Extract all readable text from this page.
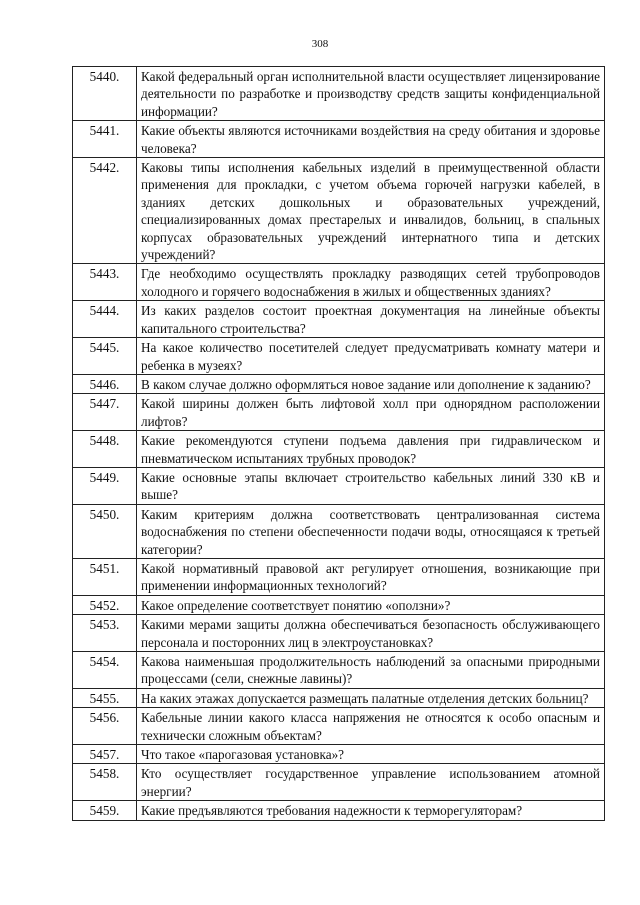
308
5440.	Какой федеральный орган исполнительной власти осуществляет лицензирование деятельности по разработке и производству средств защиты конфиденциальной информации?
5441.	Какие объекты являются источниками воздействия на среду обитания и здоровье человека?
5442.	Каковы типы исполнения кабельных изделий в преимущественной области применения для прокладки, с учетом объема горючей нагрузки кабелей, в зданиях детских дошкольных и образовательных учреждений, специализированных домах престарелых и инвалидов, больниц, в спальных корпусах образовательных учреждений интернатного типа и детских учреждений?
5443.	Где необходимо осуществлять прокладку разводящих сетей трубопроводов холодного и горячего водоснабжения в жилых и общественных зданиях?
5444.	Из каких разделов состоит проектная документация на линейные объекты капитального строительства?
5445.	На какое количество посетителей следует предусматривать комнату матери и ребенка в музеях?
5446.	В каком случае должно оформляться новое задание или дополнение к заданию?
5447.	Какой ширины должен быть лифтовой холл при однорядном расположении лифтов?
5448.	Какие рекомендуются ступени подъема давления при гидравлическом и пневматическом испытаниях трубных проводок?
5449.	Какие основные этапы включает строительство кабельных линий 330 кВ и выше?
5450.	Каким критериям должна соответствовать централизованная система водоснабжения по степени обеспеченности подачи воды, относящаяся к третьей категории?
5451.	Какой нормативный правовой акт регулирует отношения, возникающие при применении информационных технологий?
5452.	Какое определение соответствует понятию «оползни»?
5453.	Какими мерами защиты должна обеспечиваться безопасность обслуживающего персонала и посторонних лиц в электроустановках?
5454.	Какова наименьшая продолжительность наблюдений за опасными природными процессами (сели, снежные лавины)?
5455.	На каких этажах допускается размещать палатные отделения детских больниц?
5456.	Кабельные линии какого класса напряжения не относятся к особо опасным и технически сложным объектам?
5457.	Что такое «парогазовая установка»?
5458.	Кто осуществляет государственное управление использованием атомной энергии?
5459.	Какие предъявляются требования надежности к терморегуляторам?
